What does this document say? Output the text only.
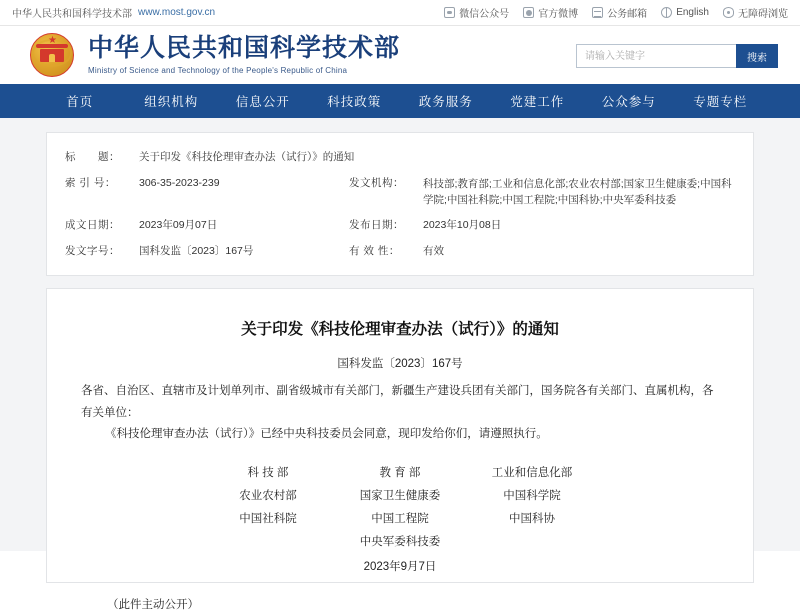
中华人民共和国科学技术部 www.most.gov.cn	微信公众号	官方微博	公务邮箱	English	无障碍浏览
★ 中华人民共和国科学技术部
Ministry of Science and Technology of the People's Republic of China
请输入关键字
搜索
首页	组织机构	信息公开	科技政策	政务服务	党建工作	公众参与	专题专栏
标　　题：	关于印发《科技伦理审查办法（试行）》的通知		
索 引 号：	306-35-2023-239	发文机构：	科技部;教育部;工业和信息化部;农业农村部;国家卫生健康委;中国科学院;中国社科院;中国工程院;中国科协;中央军委科技委
成文日期：	2023年09月07日	发布日期：	2023年10月08日
发文字号：	国科发监〔2023〕167号	有 效 性：	有效
关于印发《科技伦理审查办法（试行）》的通知
国科发监〔2023〕167号
各省、自治区、直辖市及计划单列市、副省级城市有关部门，新疆生产建设兵团有关部门，国务院各有关部门、直属机构，各有关单位：
《科技伦理审查办法（试行）》已经中央科技委员会同意，现印发给你们，请遵照执行。
科 技 部	教 育 部	工业和信息化部
农业农村部	国家卫生健康委	中国科学院
中国社科院	中国工程院	中国科协
中央军委科技委
2023年9月7日
（此件主动公开）
